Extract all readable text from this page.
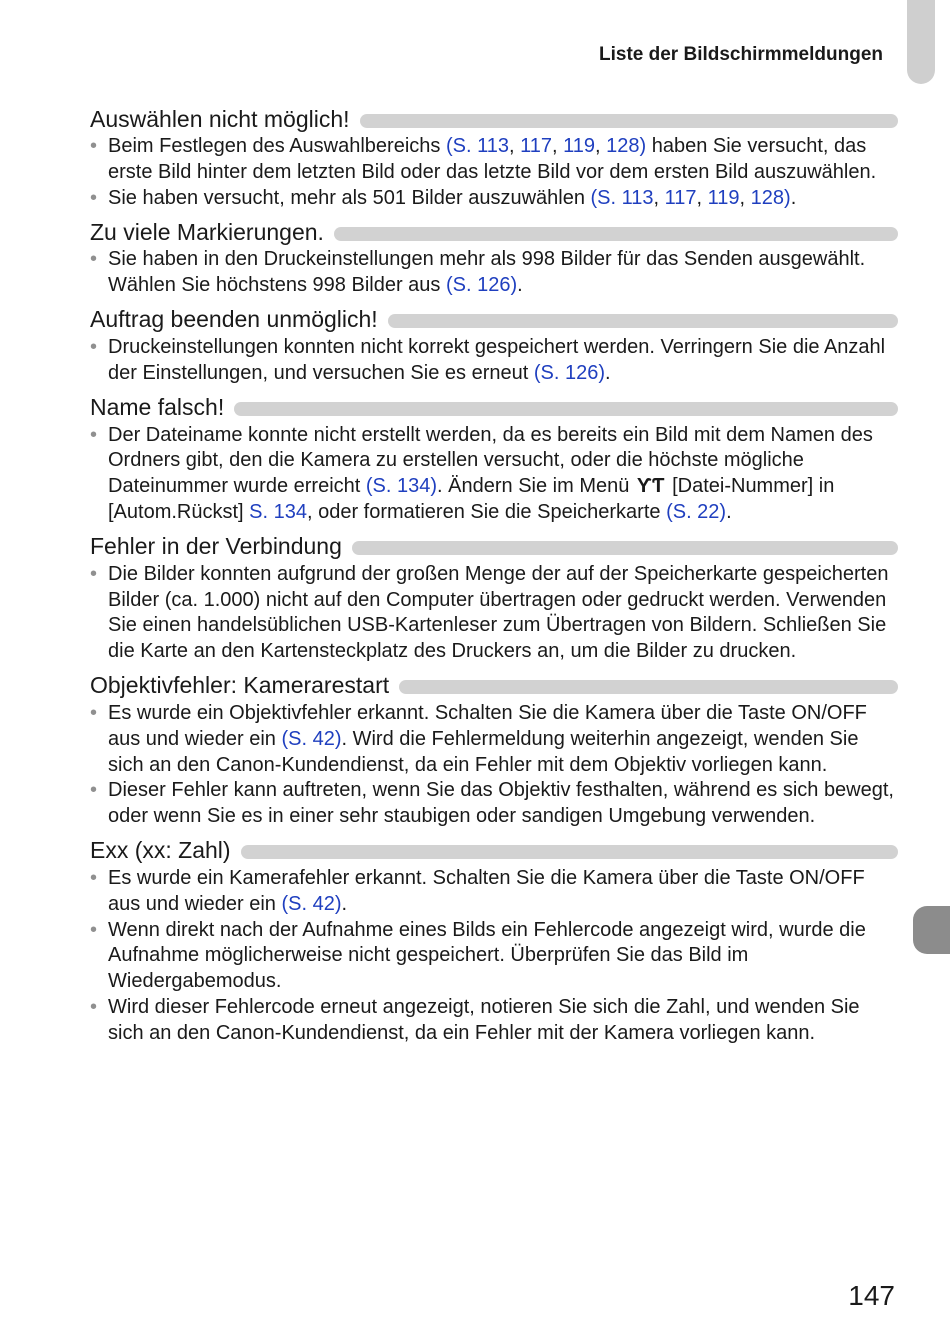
Liste der Bildschirmmeldungen
Auswählen nicht möglich!
• Beim Festlegen des Auswahlbereichs (S. 113, 117, 119, 128) haben Sie versucht, das erste Bild hinter dem letzten Bild oder das letzte Bild vor dem ersten Bild auszuwählen.
• Sie haben versucht, mehr als 501 Bilder auszuwählen (S. 113, 117, 119, 128).
Zu viele Markierungen.
• Sie haben in den Druckeinstellungen mehr als 998 Bilder für das Senden ausgewählt. Wählen Sie höchstens 998 Bilder aus (S. 126).
Auftrag beenden unmöglich!
• Druckeinstellungen konnten nicht korrekt gespeichert werden. Verringern Sie die Anzahl der Einstellungen, und versuchen Sie es erneut (S. 126).
Name falsch!
• Der Dateiname konnte nicht erstellt werden, da es bereits ein Bild mit dem Namen des Ordners gibt, den die Kamera zu erstellen versucht, oder die höchste mögliche Dateinummer wurde erreicht (S. 134). Ändern Sie im Menü ƳƬ [Datei-Nummer] in [Autom.Rückst] S. 134, oder formatieren Sie die Speicherkarte (S. 22).
Fehler in der Verbindung
• Die Bilder konnten aufgrund der großen Menge der auf der Speicherkarte gespeicherten Bilder (ca. 1.000) nicht auf den Computer übertragen oder gedruckt werden. Verwenden Sie einen handelsüblichen USB-Kartenleser zum Übertragen von Bildern. Schließen Sie die Karte an den Kartensteckplatz des Druckers an, um die Bilder zu drucken.
Objektivfehler: Kamerarestart
• Es wurde ein Objektivfehler erkannt. Schalten Sie die Kamera über die Taste ON/OFF aus und wieder ein (S. 42). Wird die Fehlermeldung weiterhin angezeigt, wenden Sie sich an den Canon-Kundendienst, da ein Fehler mit dem Objektiv vorliegen kann.
• Dieser Fehler kann auftreten, wenn Sie das Objektiv festhalten, während es sich bewegt, oder wenn Sie es in einer sehr staubigen oder sandigen Umgebung verwenden.
Exx (xx: Zahl)
• Es wurde ein Kamerafehler erkannt. Schalten Sie die Kamera über die Taste ON/OFF aus und wieder ein (S. 42).
• Wenn direkt nach der Aufnahme eines Bilds ein Fehlercode angezeigt wird, wurde die Aufnahme möglicherweise nicht gespeichert. Überprüfen Sie das Bild im Wiedergabemodus.
• Wird dieser Fehlercode erneut angezeigt, notieren Sie sich die Zahl, und wenden Sie sich an den Canon-Kundendienst, da ein Fehler mit der Kamera vorliegen kann.
147
